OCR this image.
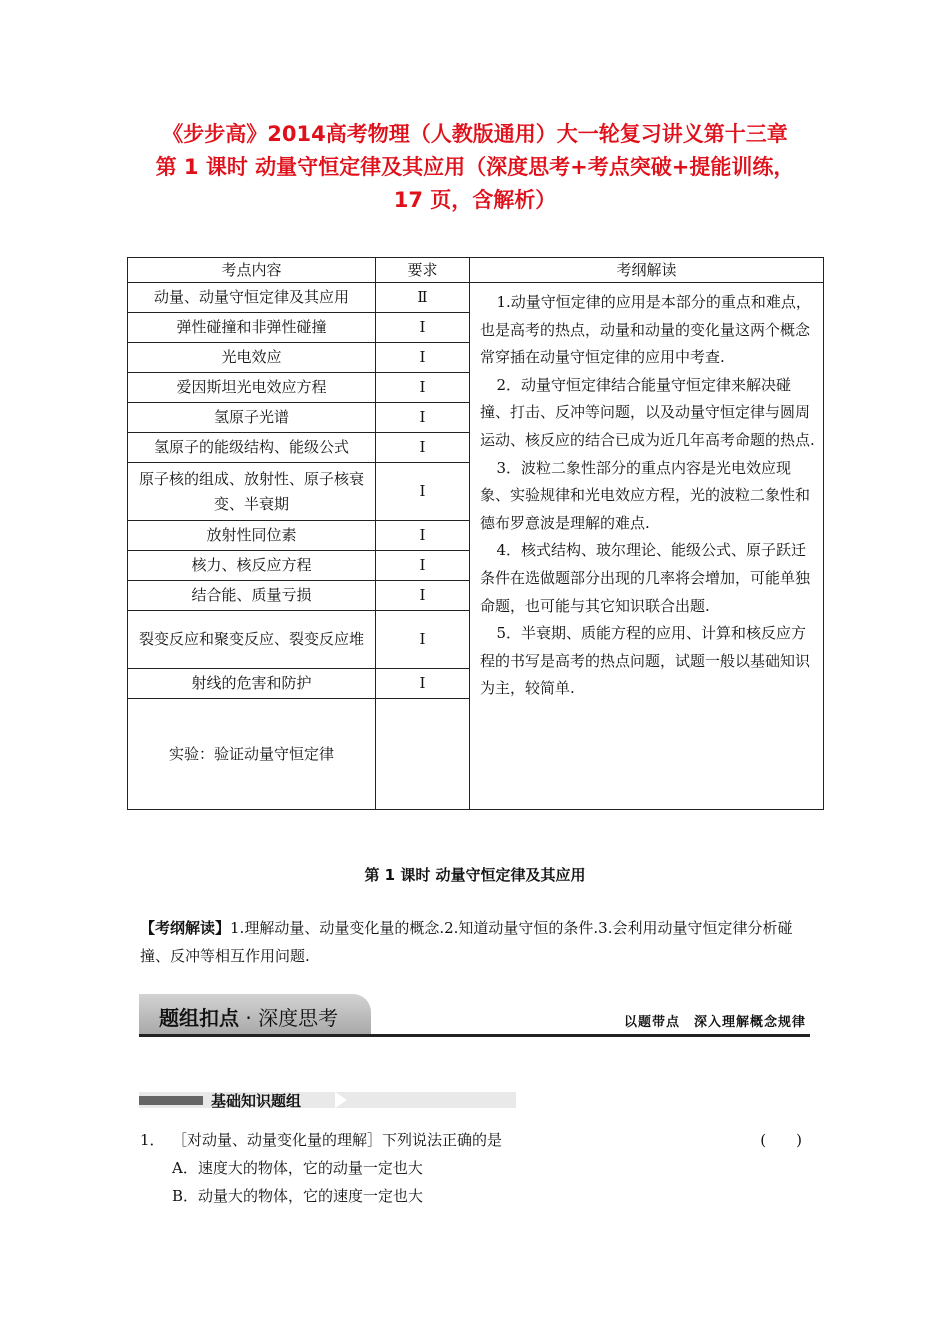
《步步高》2014高考物理（人教版通用）大一轮复习讲义第十三章
第 1 课时 动量守恒定律及其应用（深度思考+考点突破+提能训练，
17 页，含解析）
考点内容	要求	考纲解读
动量、动量守恒定律及其应用	Ⅱ	1.动量守恒定律的应用是本部分的重点和难点，也是高考的热点，动量和动量的变化量这两个概念常穿插在动量守恒定律的应用中考查.

2．动量守恒定律结合能量守恒定律来解决碰撞、打击、反冲等问题，以及动量守恒定律与圆周运动、核反应的结合已成为近几年高考命题的热点.

3．波粒二象性部分的重点内容是光电效应现象、实验规律和光电效应方程，光的波粒二象性和德布罗意波是理解的难点.

4．核式结构、玻尔理论、能级公式、原子跃迁条件在选做题部分出现的几率将会增加，可能单独命题，也可能与其它知识联合出题.

5．半衰期、质能方程的应用、计算和核反应方程的书写是高考的热点问题，试题一般以基础知识为主，较简单.

弹性碰撞和非弹性碰撞	Ⅰ	
光电效应	Ⅰ	
爱因斯坦光电效应方程	Ⅰ	
氢原子光谱	Ⅰ	
氢原子的能级结构、能级公式	Ⅰ	
原子核的组成、放射性、原子核衰变、半衰期	Ⅰ	
放射性同位素	Ⅰ	
核力、核反应方程	Ⅰ	
结合能、质量亏损	Ⅰ	
裂变反应和聚变反应、裂变反应堆	Ⅰ	
射线的危害和防护	Ⅰ	
实验：验证动量守恒定律		
第 1 课时 动量守恒定律及其应用
【考纲解读】1.理解动量、动量变化量的概念.2.知道动量守恒的条件.3.会利用动量守恒定律分析碰撞、反冲等相互作用问题.
题组扣点 · 深度思考	以题带点　深入理解概念规律
基础知识题组
1． ［对动量、动量变化量的理解］下列说法正确的是	(　　)
A．速度大的物体，它的动量一定也大
B．动量大的物体，它的速度一定也大
